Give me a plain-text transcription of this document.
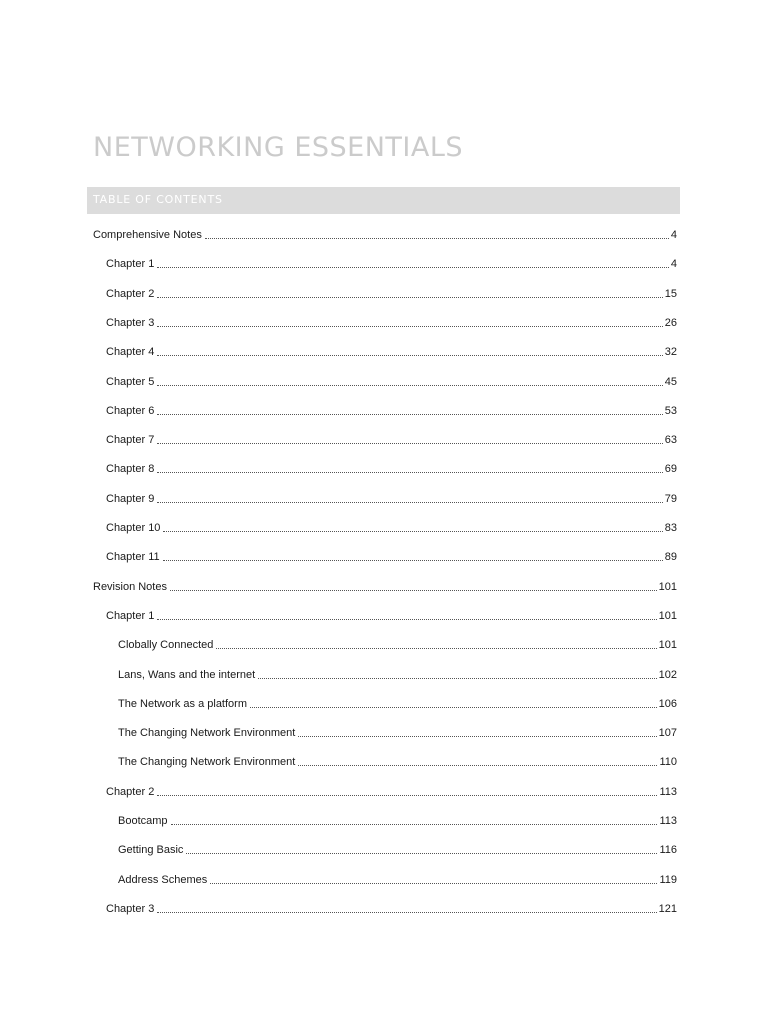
NETWORKING ESSENTIALS
TABLE OF CONTENTS
Comprehensive Notes	4
Chapter 1	4
Chapter 2	15
Chapter 3	26
Chapter 4	32
Chapter 5	45
Chapter 6	53
Chapter 7	63
Chapter 8	69
Chapter 9	79
Chapter 10	83
Chapter 11	89
Revision Notes	101
Chapter 1	101
Clobally Connected	101
Lans, Wans and the internet	102
The Network as a platform	106
The Changing Network Environment	107
The Changing Network Environment	110
Chapter 2	113
Bootcamp	113
Getting Basic	116
Address Schemes	119
Chapter 3	121
